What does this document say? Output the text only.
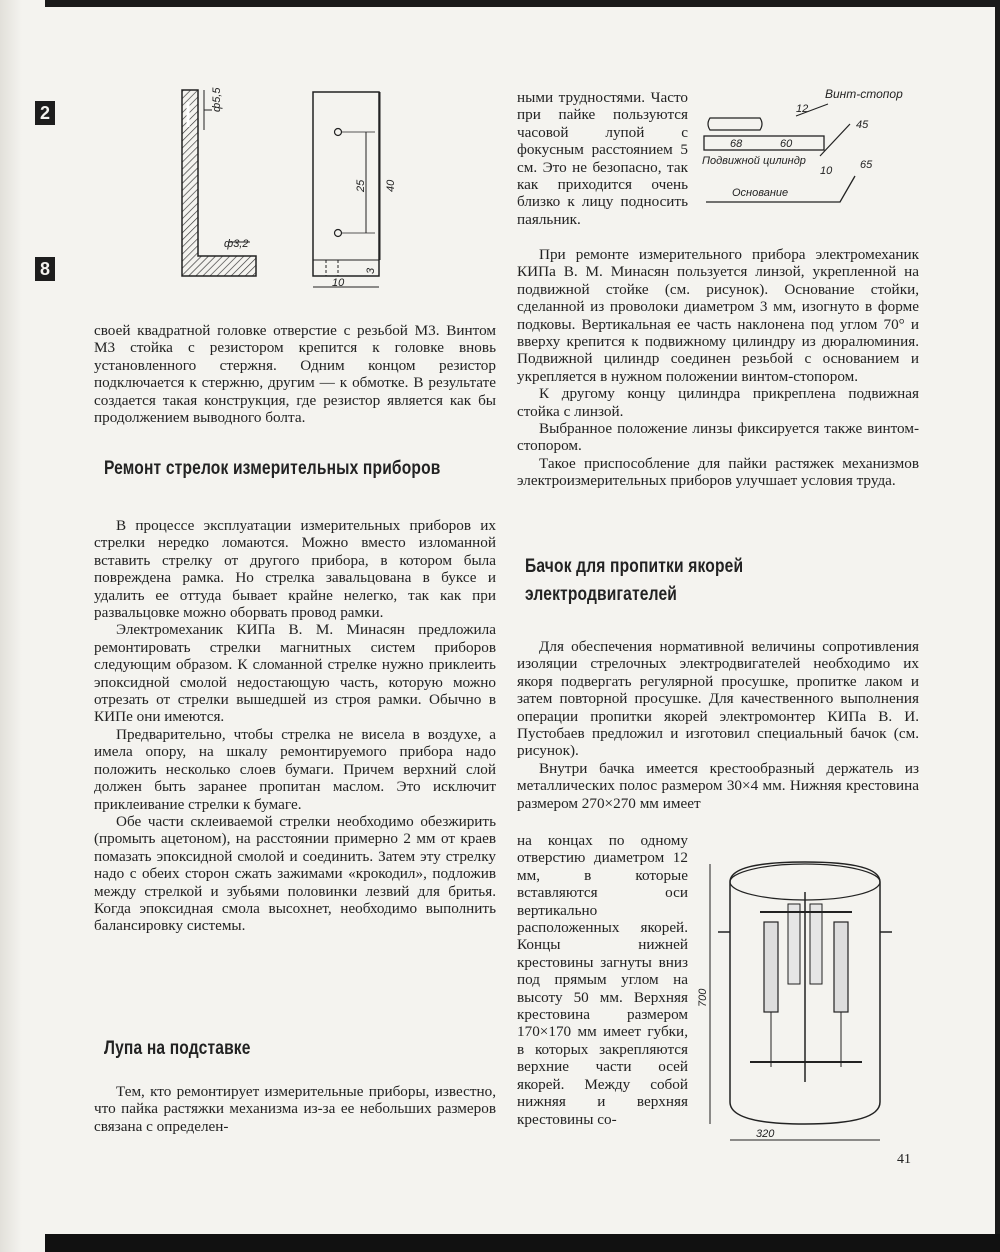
2
8
ф5,5
ф3,2
25 40
3
10
Винт-стопор
68	60
Подвижной цилиндр
12
45
10	65
Основание
700
320

своей квадратной головке отверстие с резьбой М3. Винтом М3 стойка с резистором крепится к головке вновь установленного стержня. Одним концом резистор подключается к стержню, другим — к обмотке. В результате создается такая конструкция, где резистор является как бы продолжением выводного болта.

Ремонт стрелок измерительных приборов

В процессе эксплуатации измерительных приборов их стрелки нередко ломаются. Можно вместо изломанной вставить стрелку от другого прибора, в котором была повреждена рамка. Но стрелка завальцована в буксе и удалить ее оттуда бывает крайне нелегко, так как при развальцовке можно оборвать провод рамки.

Электромеханик КИПа В. М. Минасян предложила ремонтировать стрелки магнитных систем приборов следующим образом. К сломанной стрелке нужно приклеить эпоксидной смолой недостающую часть, которую можно отрезать от стрелки вышедшей из строя рамки. Обычно в КИПе они имеются.

Предварительно, чтобы стрелка не висела в воздухе, а имела опору, на шкалу ремонтируемого прибора надо положить несколько слоев бумаги. Причем верхний слой должен быть заранее пропитан маслом. Это исключит приклеивание стрелки к бумаге.

Обе части склеиваемой стрелки необходимо обезжирить (промыть ацетоном), на расстоянии примерно 2 мм от краев помазать эпоксидной смолой и соединить. Затем эту стрелку надо с обеих сторон сжать зажимами «крокодил», подложив между стрелкой и зубьями половинки лезвий для бритья. Когда эпоксидная смола высохнет, необходимо выполнить балансировку системы.

Лупа на подставке

Тем, кто ремонтирует измерительные приборы, известно, что пайка растяжки механизма из-за ее небольших размеров связана с определен-

ными трудностями. Часто при пайке пользуются часовой лупой с фокусным расстоянием 5 см. Это не безопасно, так как приходится очень близко к лицу подносить паяльник.

При ремонте измерительного прибора электромеханик КИПа В. М. Минасян пользуется линзой, укрепленной на подвижной стойке (см. рисунок). Основание стойки, сделанной из проволоки диаметром 3 мм, изогнуто в форме подковы. Вертикальная ее часть наклонена под углом 70° и вверху крепится к подвижному цилиндру из дюралюминия. Подвижной цилиндр соединен резьбой с основанием и укрепляется в нужном положении винтом-стопором.

К другому концу цилиндра прикреплена подвижная стойка с линзой.

Выбранное положение линзы фиксируется также винтом-стопором.

Такое приспособление для пайки растяжек механизмов электроизмерительных приборов улучшает условия труда.

Бачок для пропитки якорей
электродвигателей

Для обеспечения нормативной величины сопротивления изоляции стрелочных электродвигателей необходимо их якоря подвергать регулярной просушке, пропитке лаком и затем повторной просушке. Для качественного выполнения операции пропитки якорей электромонтер КИПа В. И. Пустобаев предложил и изготовил специальный бачок (см. рисунок).

Внутри бачка имеется крестообразный держатель из металлических полос размером 30×4 мм. Нижняя крестовина размером 270×270 мм имеет

на концах по одному отверстию диаметром 12 мм, в которые вставляются оси вертикально расположенных якорей. Концы нижней крестовины загнуты вниз под прямым углом на высоту 50 мм. Верхняя крестовина размером 170×170 мм имеет губки, в которых закрепляются верхние части осей якорей. Между собой нижняя и верхняя крестовины со-

41
